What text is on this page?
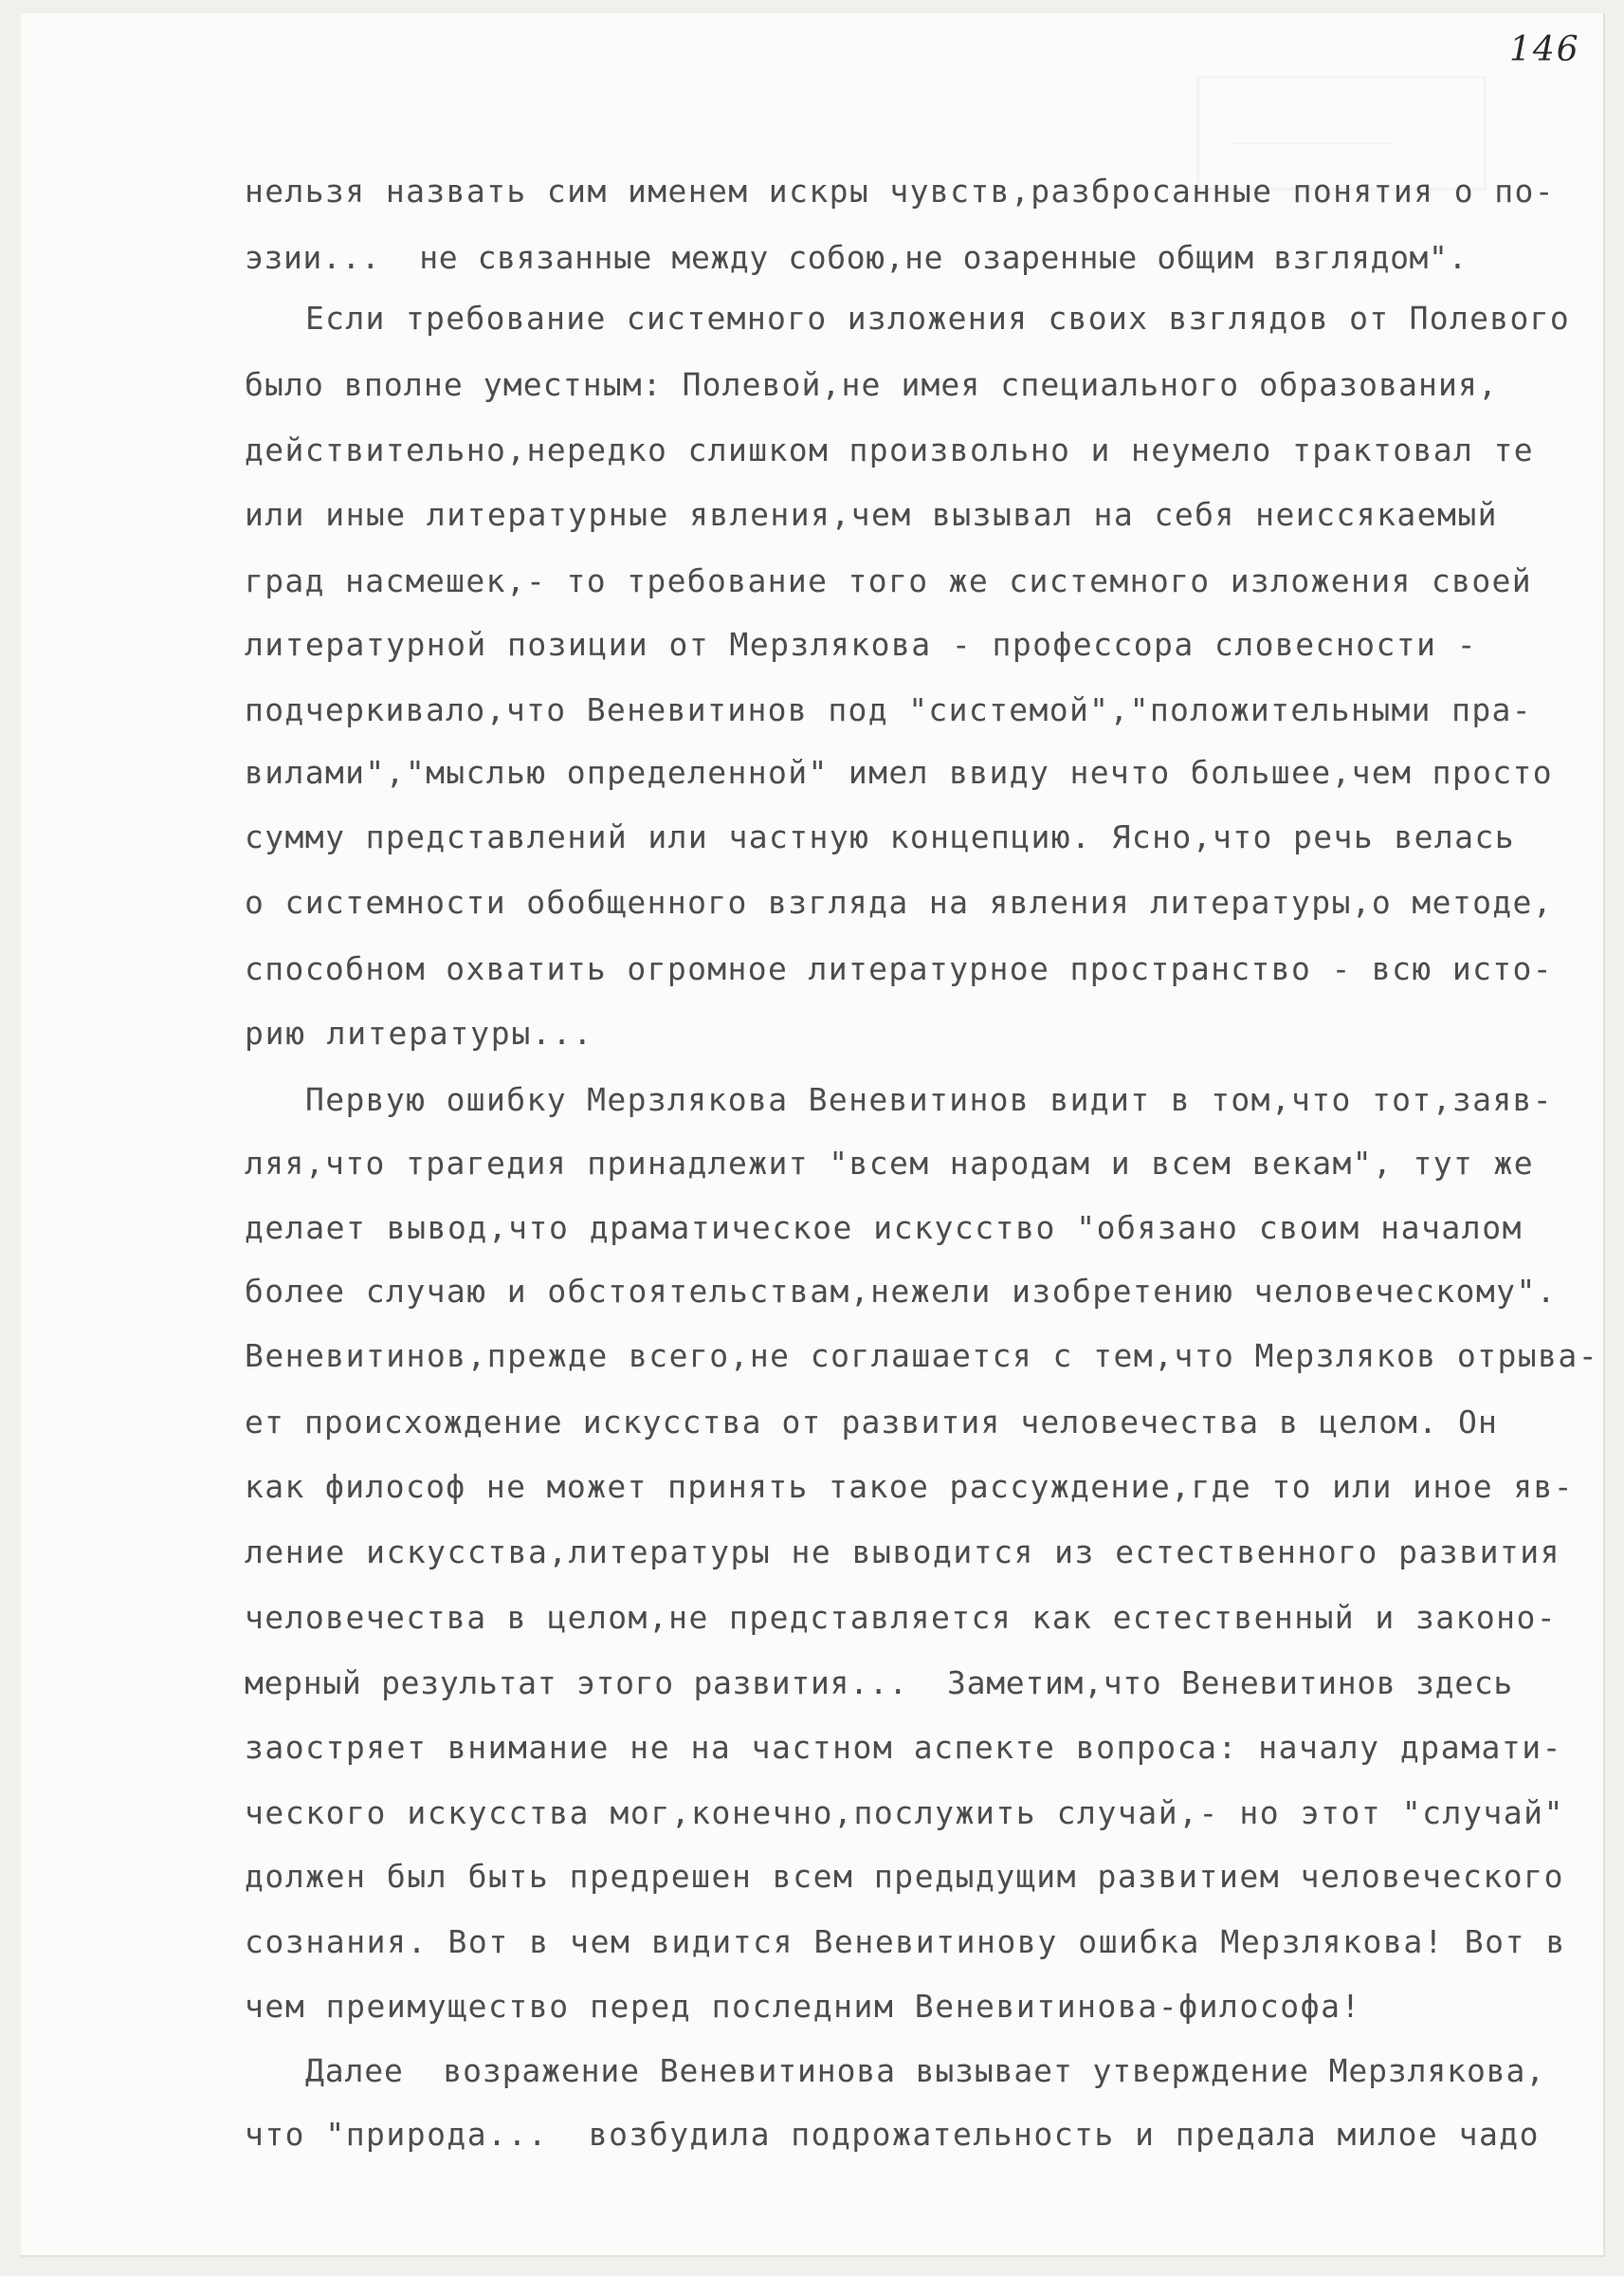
146
нельзя назвать сим именем искры чувств,разбросанные понятия о по-
эзии...  не связанные между собою,не озаренные общим взглядом".
Если требование системного изложения своих взглядов от Полевого
было вполне уместным: Полевой,не имея специального образования,
действительно,нередко слишком произвольно и неумело трактовал те
или иные литературные явления,чем вызывал на себя неиссякаемый
град насмешек,- то требование того же системного изложения своей
литературной позиции от Мерзлякова - профессора словесности -
подчеркивало,что Веневитинов под "системой","положительными пра-
вилами","мыслью определенной" имел ввиду нечто большее,чем просто
сумму представлений или частную концепцию. Ясно,что речь велась
о системности обобщенного взгляда на явления литературы,о методе,
способном охватить огромное литературное пространство - всю исто-
рию литературы...
Первую ошибку Мерзлякова Веневитинов видит в том,что тот,заяв-
ляя,что трагедия принадлежит "всем народам и всем векам", тут же
делает вывод,что драматическое искусство "обязано своим началом
более случаю и обстоятельствам,нежели изобретению человеческому".
Веневитинов,прежде всего,не соглашается с тем,что Мерзляков отрыва-
ет происхождение искусства от развития человечества в целом. Он
как философ не может принять такое рассуждение,где то или иное яв-
ление искусства,литературы не выводится из естественного развития
человечества в целом,не представляется как естественный и законо-
мерный результат этого развития...  Заметим,что Веневитинов здесь
заостряет внимание не на частном аспекте вопроса: началу драмати-
ческого искусства мог,конечно,послужить случай,- но этот "случай"
должен был быть предрешен всем предыдущим развитием человеческого
сознания. Вот в чем видится Веневитинову ошибка Мерзлякова! Вот в
чем преимущество перед последним Веневитинова-философа!
Далее  возражение Веневитинова вызывает утверждение Мерзлякова,
что "природа...  возбудила подрожательность и предала милое чадо
